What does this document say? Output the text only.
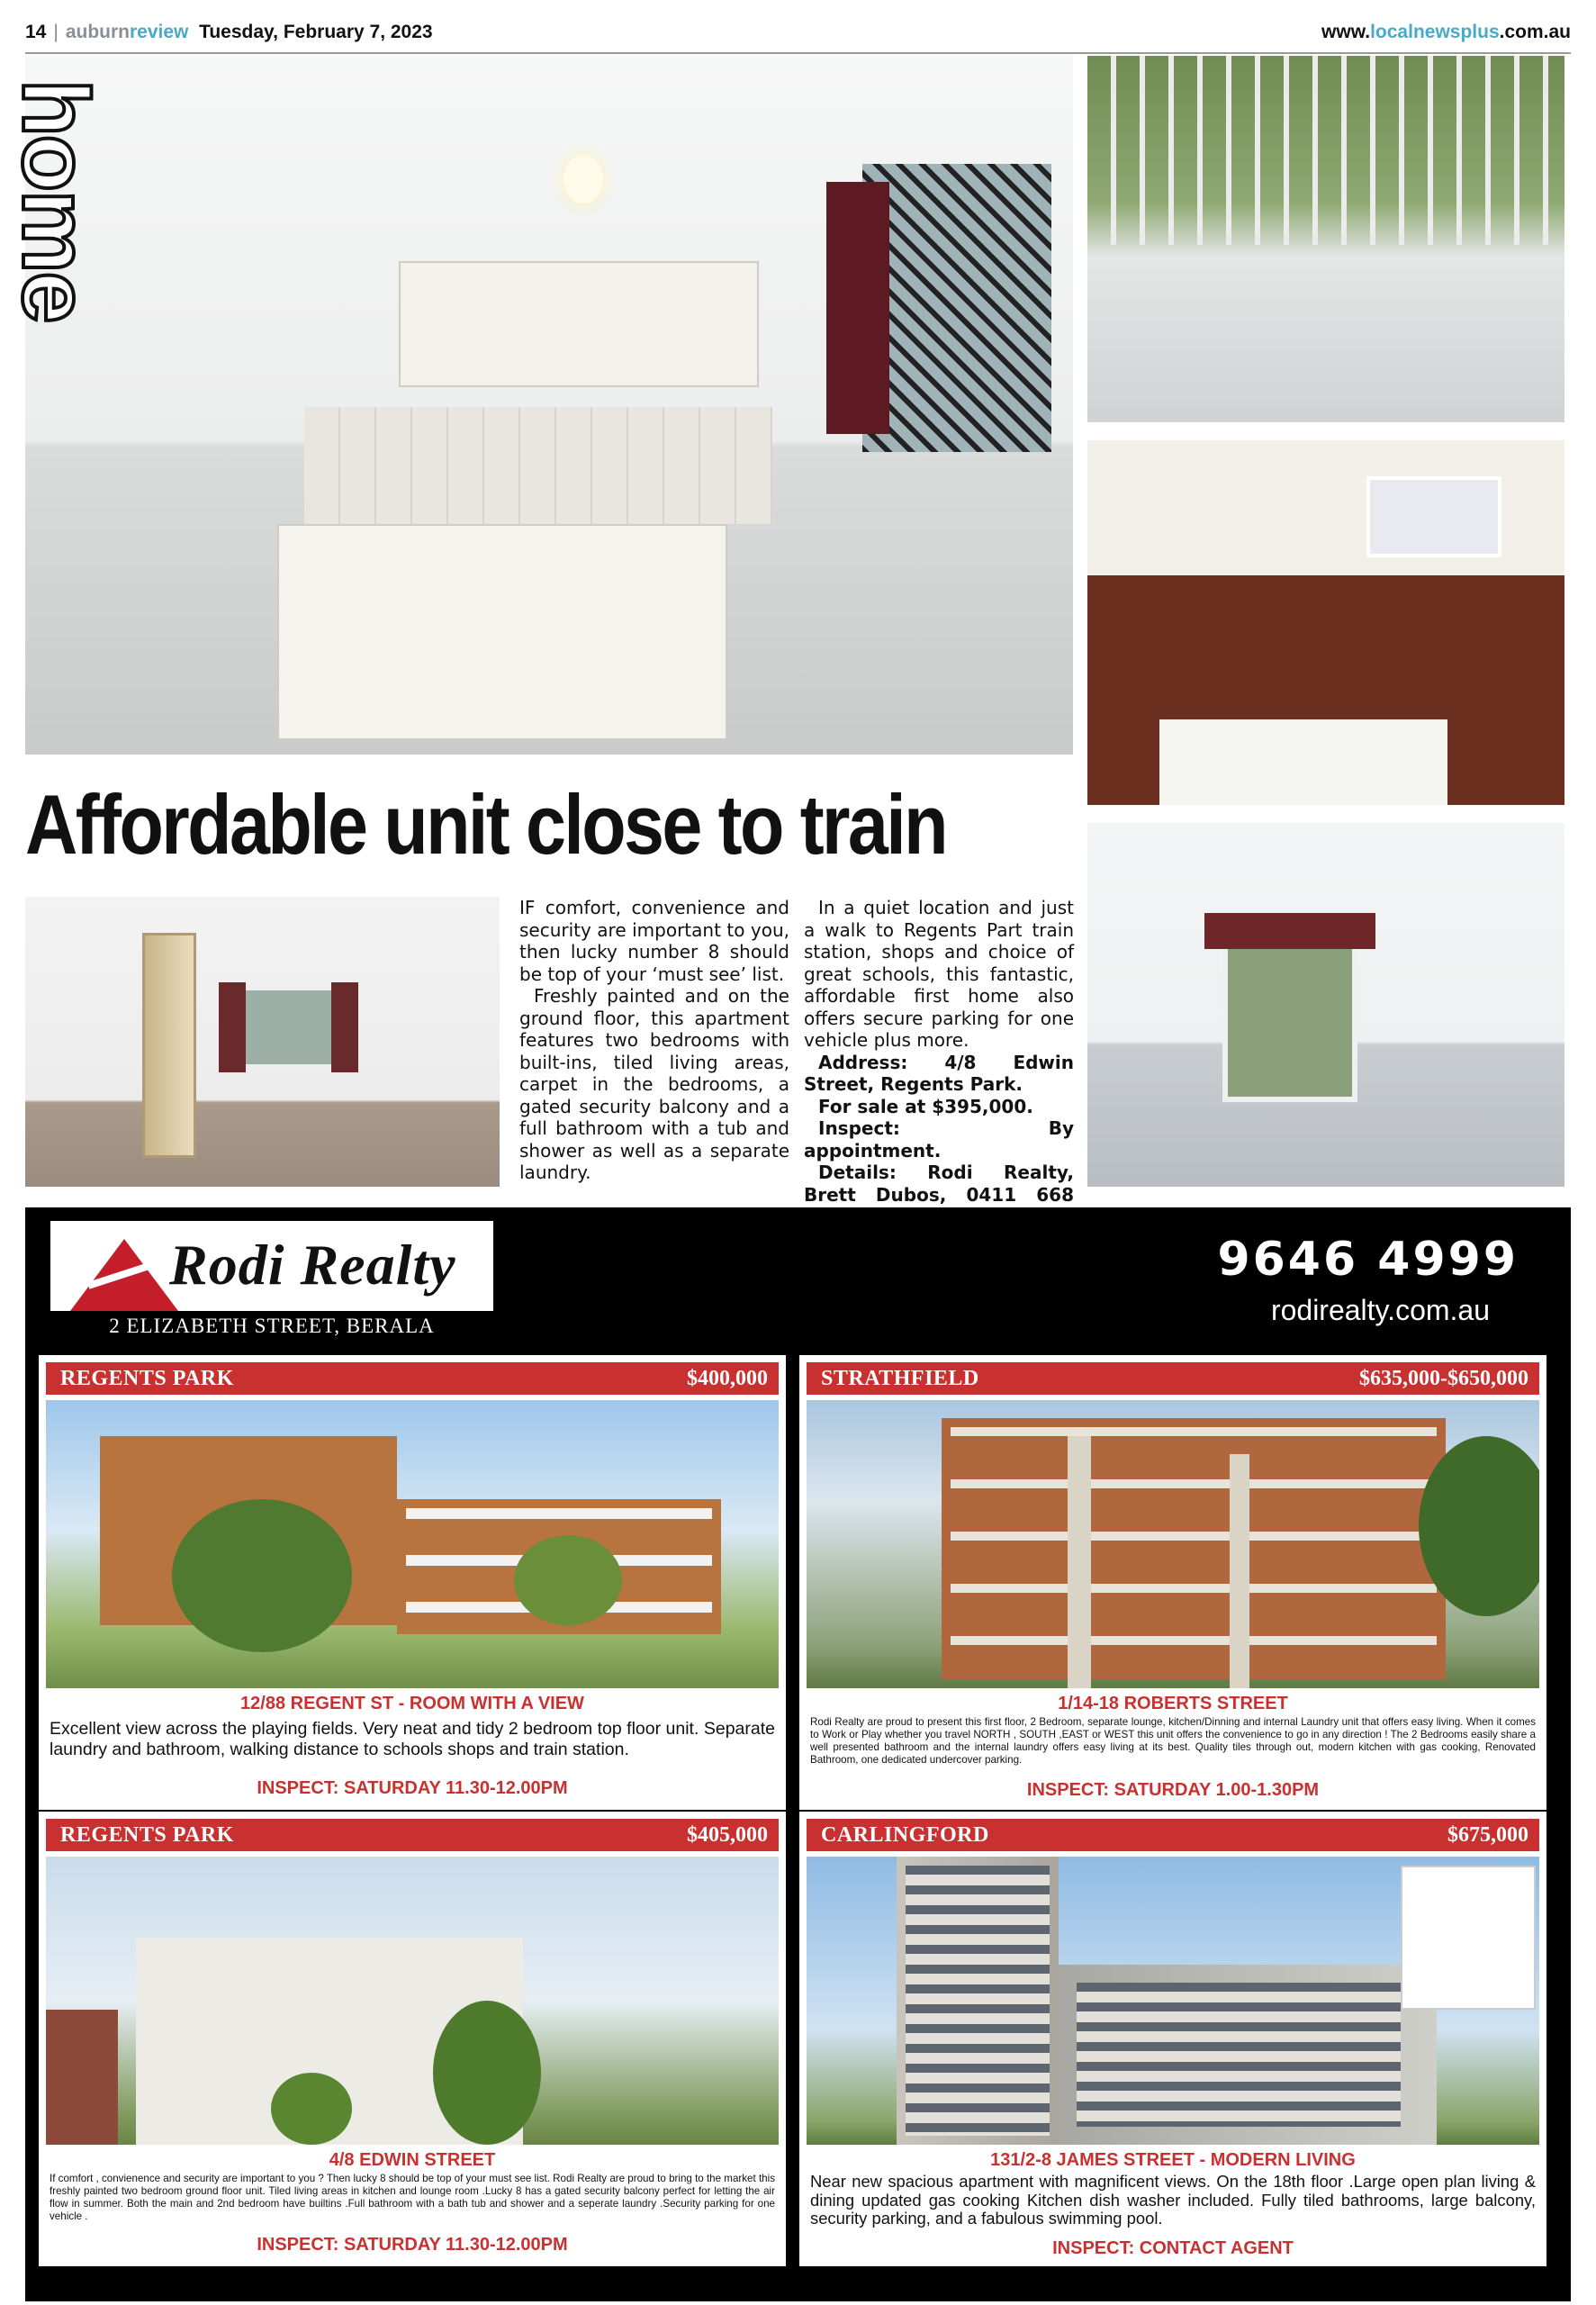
14 | auburnreview Tuesday, February 7, 2023	www.localnewsplus.com.au
home
Affordable unit close to train

IF comfort, convenience and security are important to you, then lucky number 8 should be top of your ‘must see’ list.

Freshly painted and on the ground floor, this apartment features two bedrooms with built-ins, tiled living areas, carpet in the bedrooms, a gated security balcony and a full bathroom with a tub and shower as well as a separate laundry.

In a quiet location and just a walk to Regents Part train station, shops and choice of great schools, this fantastic, affordable first home also offers secure parking for one vehicle plus more.

Address: 4/8 Edwin Street, Regents Park.

For sale at $395,000.

Inspect: By appointment.

Details: Rodi Realty, Brett Dubos, 0411 668

Rodi Realty
2 ELIZABETH STREET, BERALA
9646 4999
rodirealty.com.au
REGENTS PARK	$400,000
12/88 REGENT ST - ROOM WITH A VIEW
Excellent view across the playing fields. Very neat and tidy 2 bedroom top floor unit. Separate laundry and bathroom, walking distance to schools shops and train station.
INSPECT: SATURDAY 11.30-12.00PM
STRATHFIELD	$635,000-$650,000
1/14-18 ROBERTS STREET
Rodi Realty are proud to present this first floor, 2 Bedroom, separate lounge, kitchen/Dinning and internal Laundry unit that offers easy living. When it comes to Work or Play whether you travel NORTH , SOUTH ,EAST or WEST this unit offers the convenience to go in any direction ! The 2 Bedrooms easily share a well presented bathroom and the internal laundry offers easy living at its best. Quality tiles through out, modern kitchen with gas cooking, Renovated Bathroom, one dedicated undercover parking.
INSPECT: SATURDAY 1.00-1.30PM
REGENTS PARK	$405,000
4/8 EDWIN STREET
If comfort , convienence and security are important to you ? Then lucky 8 should be top of your must see list. Rodi Realty are proud to bring to the market this freshly painted two bedroom ground floor unit. Tiled living areas in kitchen and lounge room .Lucky 8 has a gated security balcony perfect for letting the air flow in summer. Both the main and 2nd bedroom have builtins .Full bathroom with a bath tub and shower and a seperate laundry .Security parking for one vehicle .
INSPECT: SATURDAY 11.30-12.00PM
CARLINGFORD	$675,000
131/2-8 JAMES STREET - MODERN LIVING
Near new spacious apartment with magnificent views. On the 18th floor .Large open plan living & dining updated gas cooking Kitchen dish washer included. Fully tiled bathrooms, large balcony, security parking, and a fabulous swimming pool.
INSPECT: CONTACT AGENT
